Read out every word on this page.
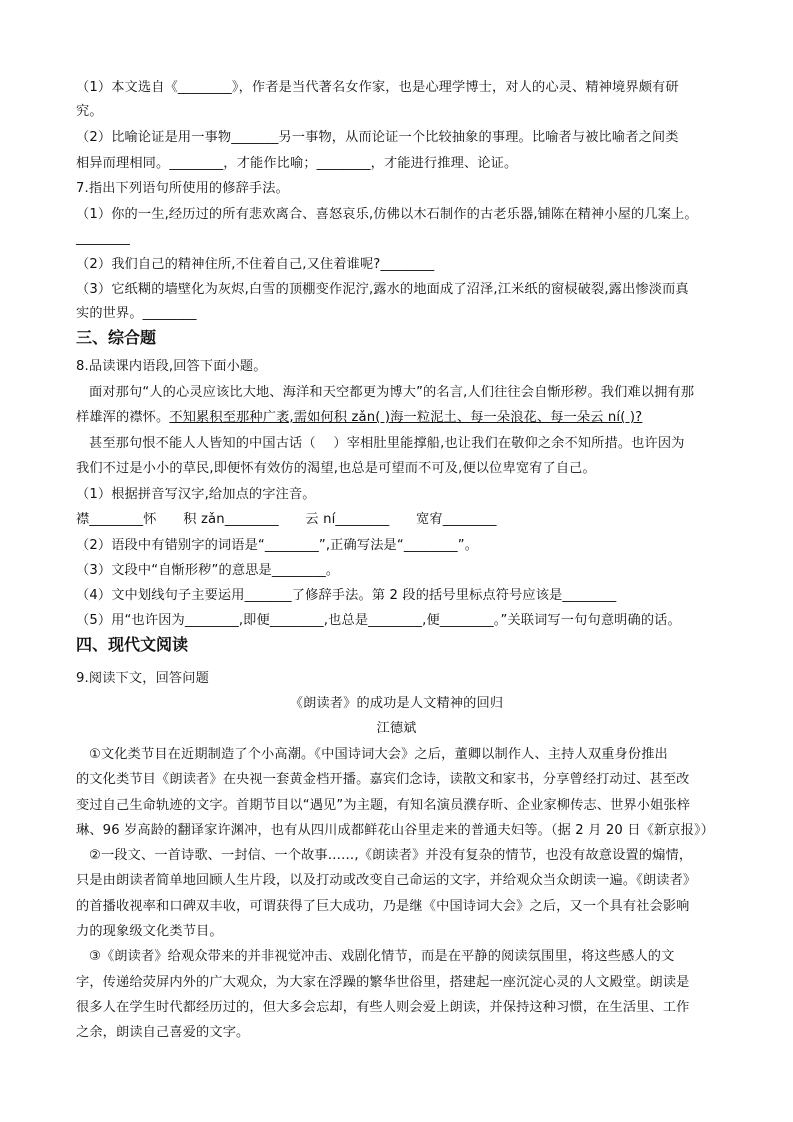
（1）本文选自《________》，作者是当代著名女作家，也是心理学博士，对人的心灵、精神境界颇有研
究。
（2）比喻论证是用一事物_______另一事物，从而论证一个比较抽象的事理。比喻者与被比喻者之间类
相异而理相同。________，才能作比喻；________，才能进行推理、论证。
7.指出下列语句所使用的修辞手法。
（1）你的一生,经历过的所有悲欢离合、喜怒哀乐,仿佛以木石制作的古老乐器,铺陈在精神小屋的几案上。
________
（2）我们自己的精神住所,不住着自己,又住着谁呢?________
（3）它纸糊的墙壁化为灰烬,白雪的顶棚变作泥泞,露水的地面成了沼泽,江米纸的窗棂破裂,露出惨淡而真
实的世界。________
三、综合题
8.品读课内语段,回答下面小题。
面对那句“人的心灵应该比大地、海洋和天空都更为博大”的名言,人们往往会自惭形秽。我们难以拥有那
样雄浑的襟怀。不知累积至那种广袤,需如何积 zǎn( )海一粒泥土、每一朵浪花、每一朵云 ní( )?
甚至那句恨不能人人皆知的中国古话（　 ）宰相肚里能撑船,也让我们在敬仰之余不知所措。也许因为
我们不过是小小的草民,即便怀有效仿的渴望,也总是可望而不可及,便以位卑宽宥了自己。
（1）根据拼音写汉字,给加点的字注音。
襟________怀　　积 zǎn________　　云 ní________　　宽宥________
（2）语段中有错别字的词语是“________”,正确写法是“________”。
（3）文段中“自惭形秽”的意思是________。
（4）文中划线句子主要运用_______了修辞手法。第 2 段的括号里标点符号应该是________
（5）用“也许因为________,即便________,也总是________,便________。”关联词写一句句意明确的话。
四、现代文阅读
9.阅读下文，回答问题
《朗读者》的成功是人文精神的回归
江德斌
①文化类节目在近期制造了个小高潮。《中国诗词大会》之后，董卿以制作人、主持人双重身份推出
的文化类节目《朗读者》在央视一套黄金档开播。嘉宾们念诗，读散文和家书，分享曾经打动过、甚至改
变过自己生命轨迹的文字。首期节目以“遇见”为主题，有知名演员濮存昕、企业家柳传志、世界小姐张梓
琳、96 岁高龄的翻译家许渊冲，也有从四川成都鲜花山谷里走来的普通夫妇等。（据 2 月 20 日《新京报》）
②一段文、一首诗歌、一封信、一个故事……,《朗读者》并没有复杂的情节，也没有故意设置的煽情，
只是由朗读者简单地回顾人生片段，以及打动或改变自己命运的文字，并给观众当众朗读一遍。《朗读者》
的首播收视率和口碑双丰收，可谓获得了巨大成功，乃是继《中国诗词大会》之后，又一个具有社会影响
力的现象级文化类节目。
③《朗读者》给观众带来的并非视觉冲击、戏剧化情节，而是在平静的阅读氛围里，将这些感人的文
字，传递给荧屏内外的广大观众，为大家在浮躁的繁华世俗里，搭建起一座沉淀心灵的人文殿堂。朗读是
很多人在学生时代都经历过的，但大多会忘却，有些人则会爱上朗读，并保持这种习惯，在生活里、工作
之余，朗读自己喜爱的文字。
